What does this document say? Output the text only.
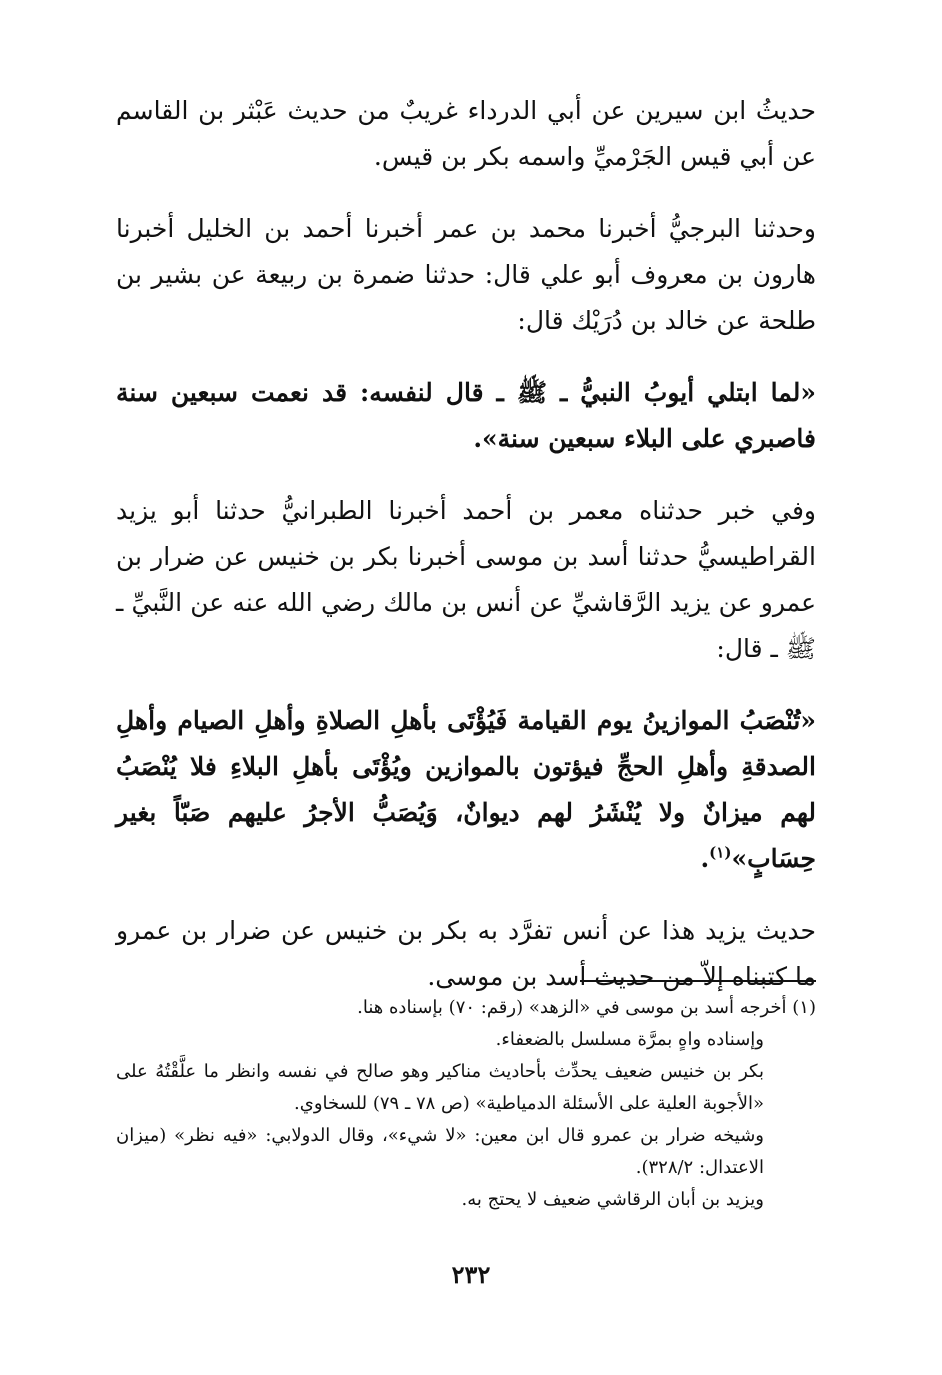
حديثُ ابن سيرين عن أبي الدرداء غريبٌ من حديث عَبْثر بن القاسم عن أبي قيس الجَرْميِّ واسمه بكر بن قيس.

وحدثنا البرجيُّ أخبرنا محمد بن عمر أخبرنا أحمد بن الخليل أخبرنا هارون بن معروف أبو علي قال: حدثنا ضمرة بن ربيعة عن بشير بن طلحة عن خالد بن دُرَيْك قال:

«لما ابتلي أيوبُ النبيُّ ـ ﷺ ـ قال لنفسه: قد نعمت سبعين سنة فاصبري على البلاء سبعين سنة».

وفي خبر حدثناه معمر بن أحمد أخبرنا الطبرانيُّ حدثنا أبو يزيد القراطيسيُّ حدثنا أسد بن موسى أخبرنا بكر بن خنيس عن ضرار بن عمرو عن يزيد الرَّقاشيِّ عن أنس بن مالك رضي الله عنه عن النَّبيِّ ـ ﷺ ـ قال:

«تُنْصَبُ الموازينُ يوم القيامة فَيُؤْتَى بأهلِ الصلاةِ وأهلِ الصيام وأهلِ الصدقةِ وأهلِ الحجِّ فيؤتون بالموازين ويُؤْتَى بأهلِ البلاءِ فلا يُنْصَبُ لهم ميزانٌ ولا يُنْشَرُ لهم ديوانٌ، وَيُصَبُّ الأجرُ عليهم صَبّاً بغير حِسَابٍ»$^{(١)}$.

حديث يزيد هذا عن أنس تفرَّد به بكر بن خنيس عن ضرار بن عمرو ما كتبناه إلاّ من حديث أسد بن موسى.

(١) أخرجه أسد بن موسى في «الزهد» (رقم: ٧٠) بإسناده هنا.

وإسناده واهٍ بمرَّة مسلسل بالضعفاء.

بكر بن خنيس ضعيف يحدِّث بأحاديث مناكير وهو صالح في نفسه وانظر ما علَّقْتُهُ على «الأجوبة العلية على الأسئلة الدمياطية» (ص ٧٨ ـ ٧٩) للسخاوي.

وشيخه ضرار بن عمرو قال ابن معين: «لا شيء»، وقال الدولابي: «فيه نظر» (ميزان الاعتدال: ٣٢٨/٢).

ويزيد بن أبان الرقاشي ضعيف لا يحتج به.

٢٣٢
